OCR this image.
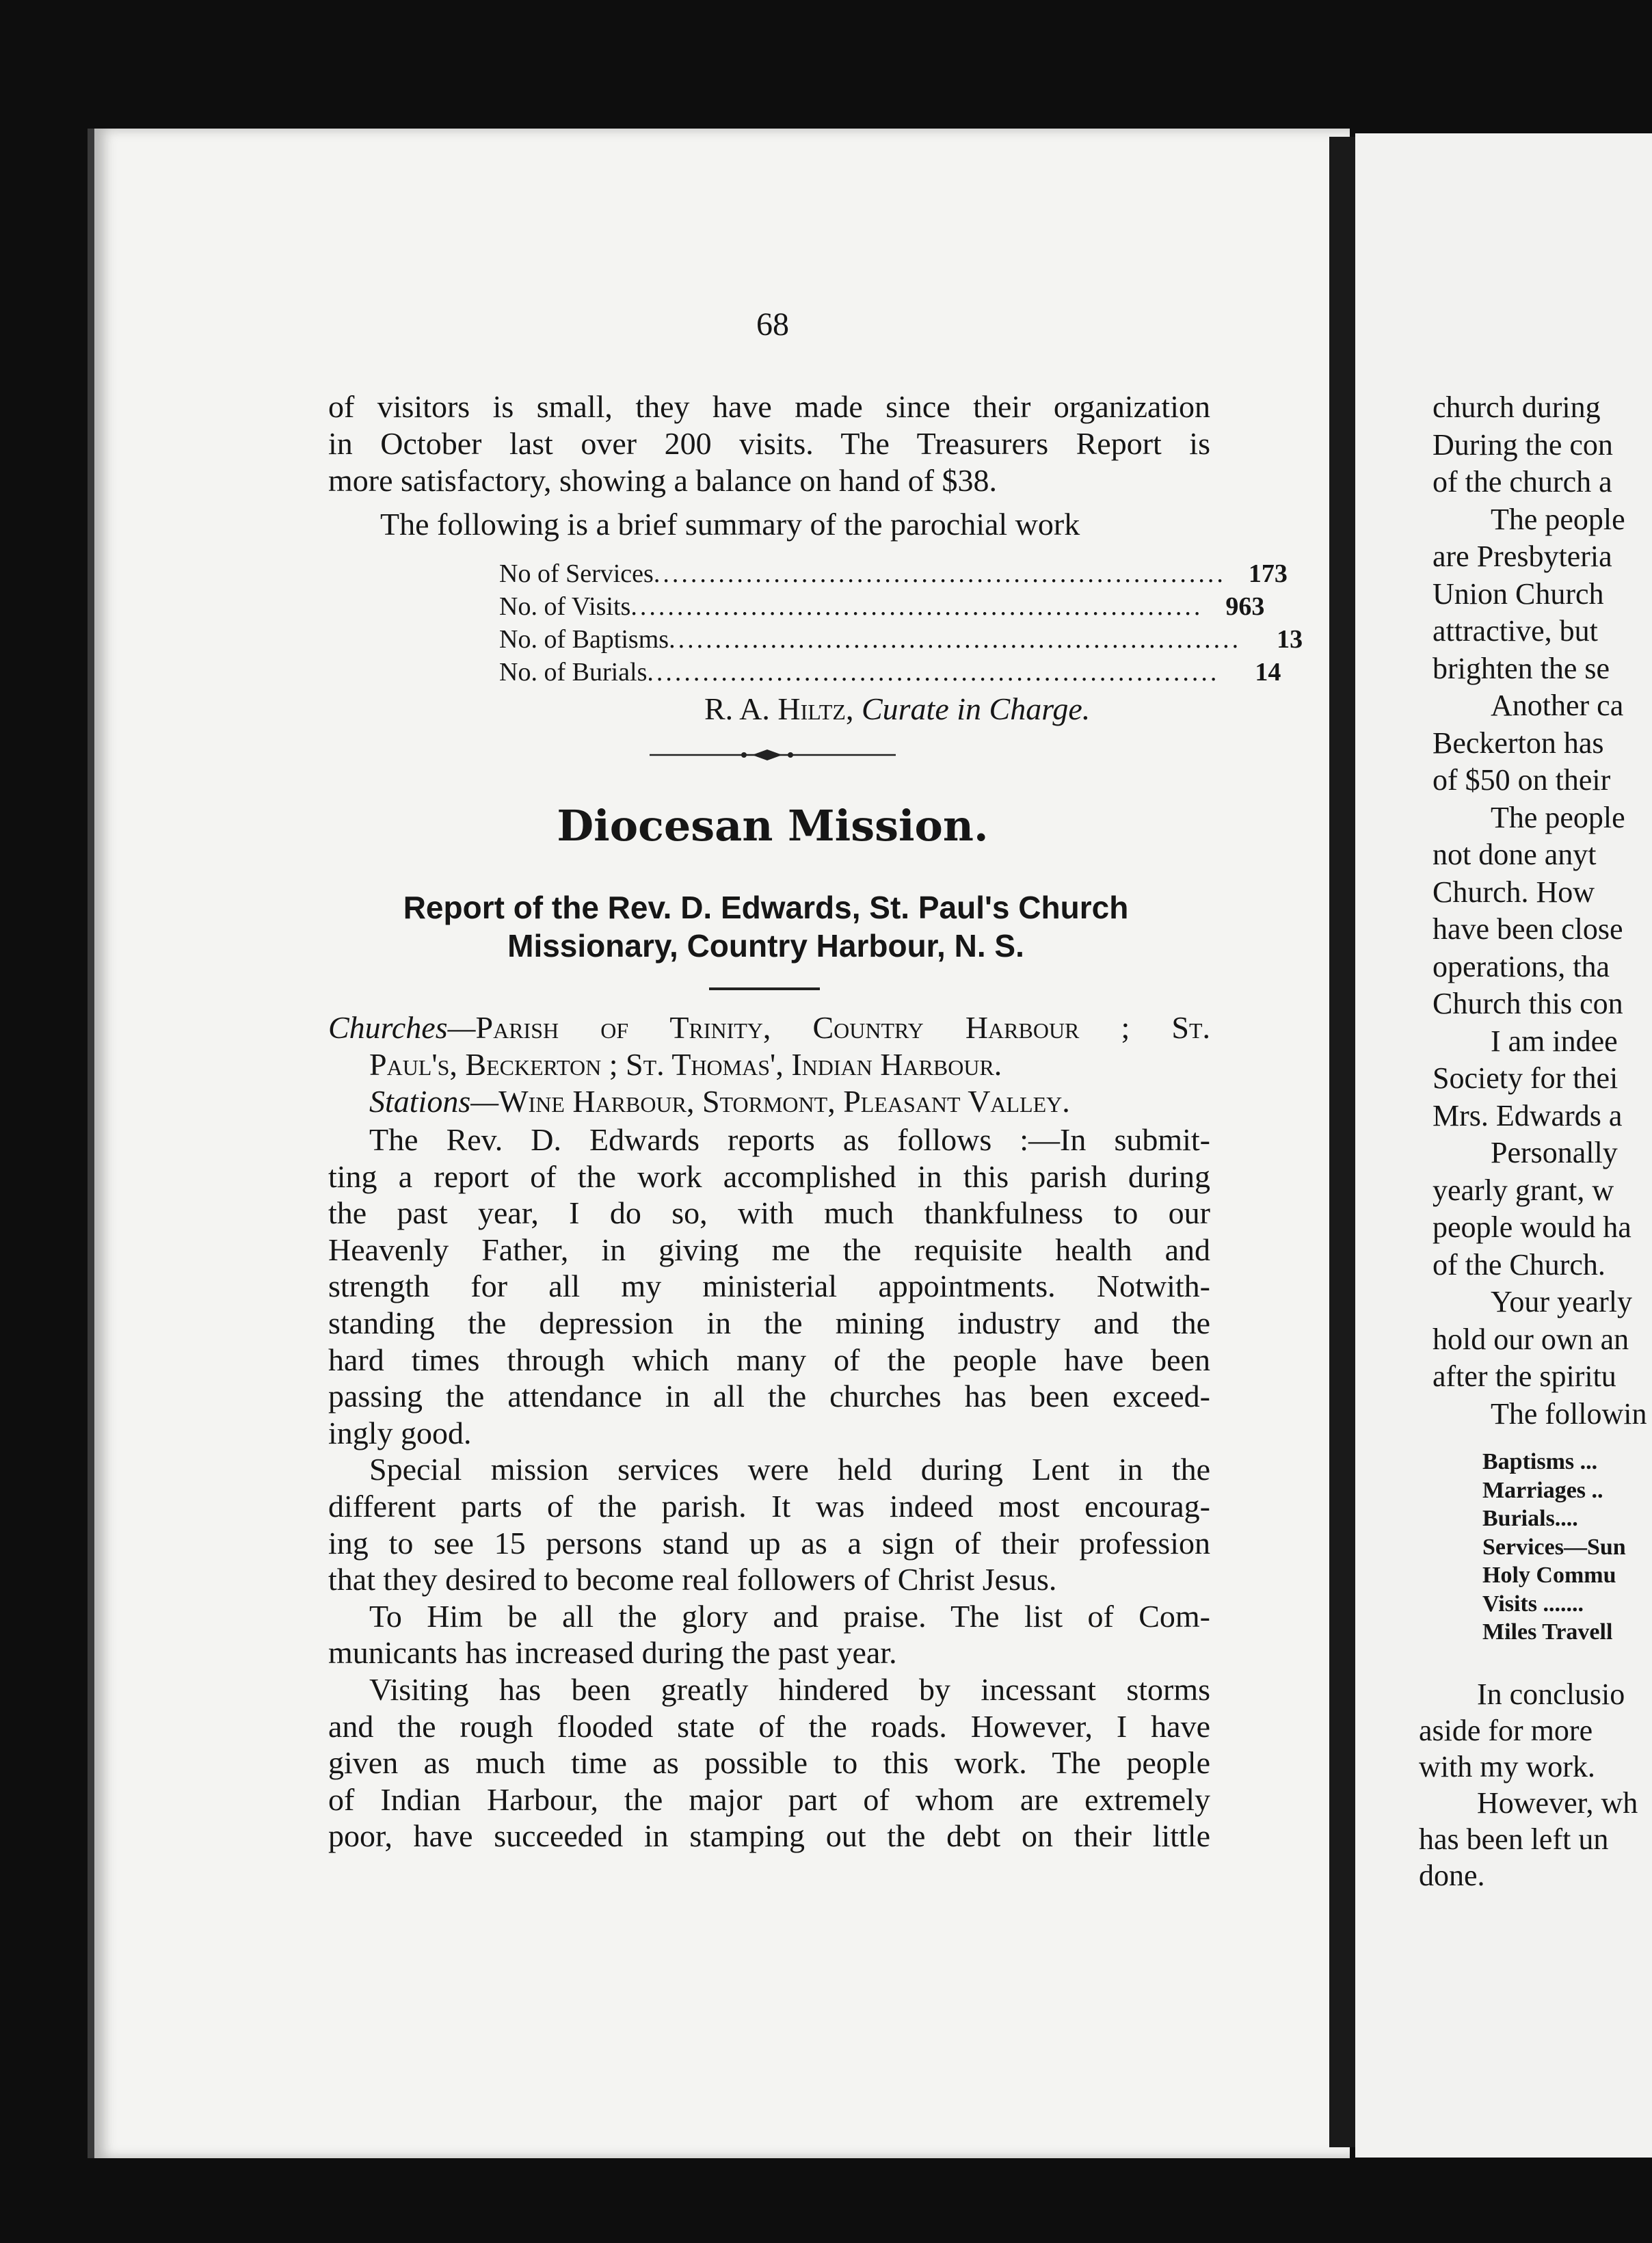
68
of visitors is small, they have made since their organization
in October last over 200 visits. The Treasurers Report is
more satisfactory, showing a balance on hand of $38.
The following is a brief summary of the parochial work
No of Services .............................................................. 173
No. of Visits .............................................................. 963
No. of Baptisms ..............................................................	13
No. of Burials ..............................................................	14
R. A. Hiltz, Curate in Charge.
Diocesan Mission.
Report of the Rev. D. Edwards, St. Paul's Church
Missionary, Country Harbour, N. S.
Churches—Parish of Trinity, Country Harbour ; St.
Paul's, Beckerton ; St. Thomas', Indian Harbour.
Stations—Wine Harbour, Stormont, Pleasant Valley.
The Rev. D. Edwards reports as follows :—In submit-
ting a report of the work accomplished in this parish during
the past year, I do so, with much thankfulness to our
Heavenly Father, in giving me the requisite health and
strength for all my ministerial appointments. Notwith-
standing the depression in the mining industry and the
hard times through which many of the people have been
passing the attendance in all the churches has been exceed-
ingly good.
Special mission services were held during Lent in the
different parts of the parish. It was indeed most encourag-
ing to see 15 persons stand up as a sign of their profession
that they desired to become real followers of Christ Jesus.
To Him be all the glory and praise. The list of Com-
municants has increased during the past year.
Visiting has been greatly hindered by incessant storms
and the rough flooded state of the roads. However, I have
given as much time as possible to this work. The people
of Indian Harbour, the major part of whom are extremely
poor, have succeeded in stamping out the debt on their little
church during
During the con
of the church a
The people
are Presbyteria
Union Church
attractive, but
brighten the se
Another ca
Beckerton has
of $50 on their
The people
not done anyt
Church. How
have been close
operations, tha
Church this con
I am indee
Society for thei
Mrs. Edwards a
Personally
yearly grant, w
people would ha
of the Church.
Your yearly
hold our own an
after the spiritu
The followin
Baptisms ...
Marriages ..
Burials....
Services—Sun
Holy Commu
Visits .......
Miles Travell
In conclusio
aside for more
with my work.
However, wh
has been left un
done.
